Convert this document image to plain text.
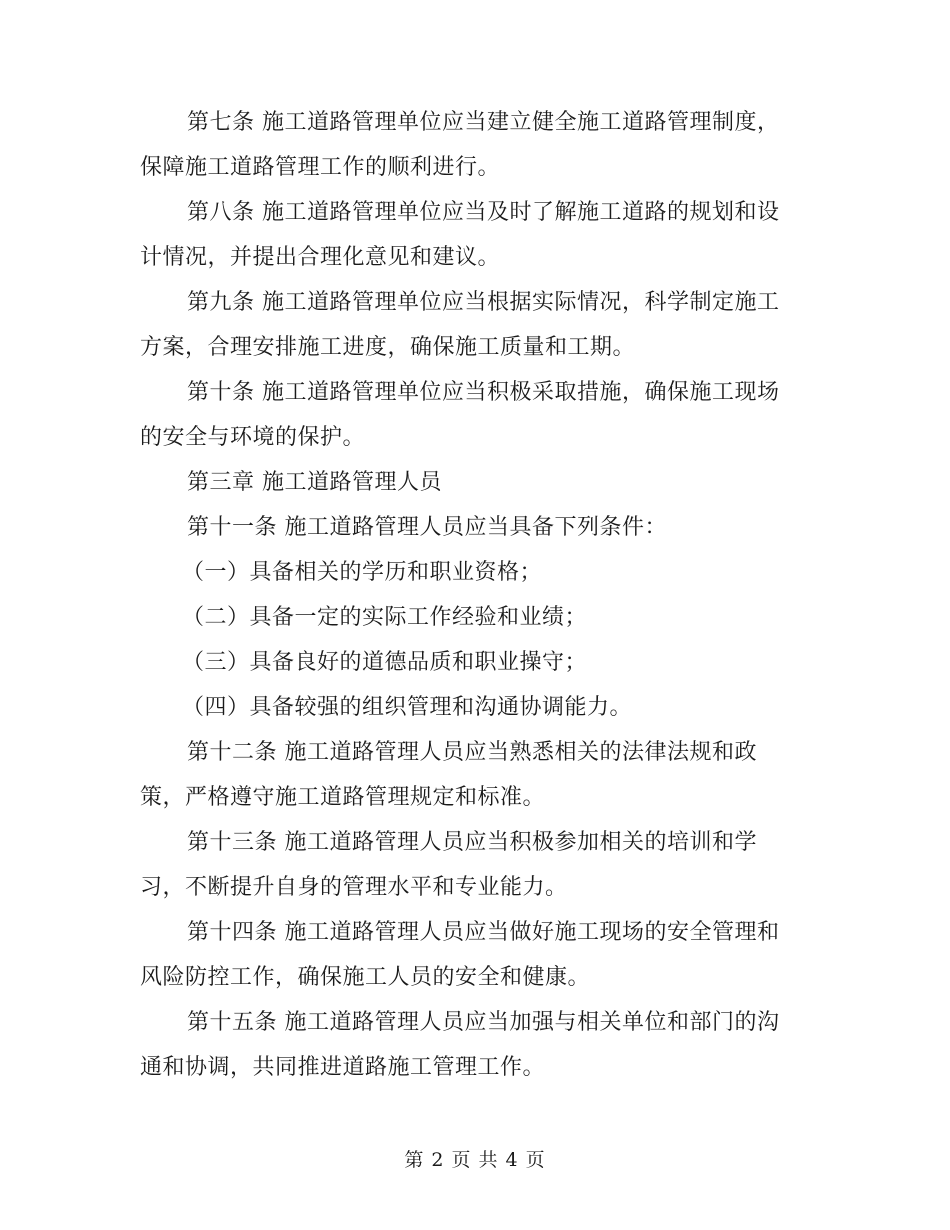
第七条 施工道路管理单位应当建立健全施工道路管理制度，
保障施工道路管理工作的顺利进行。
第八条 施工道路管理单位应当及时了解施工道路的规划和设
计情况，并提出合理化意见和建议。
第九条 施工道路管理单位应当根据实际情况，科学制定施工
方案，合理安排施工进度，确保施工质量和工期。
第十条 施工道路管理单位应当积极采取措施，确保施工现场
的安全与环境的保护。
第三章 施工道路管理人员
第十一条 施工道路管理人员应当具备下列条件：
（一）具备相关的学历和职业资格；
（二）具备一定的实际工作经验和业绩；
（三）具备良好的道德品质和职业操守；
（四）具备较强的组织管理和沟通协调能力。
第十二条 施工道路管理人员应当熟悉相关的法律法规和政
策，严格遵守施工道路管理规定和标准。
第十三条 施工道路管理人员应当积极参加相关的培训和学
习，不断提升自身的管理水平和专业能力。
第十四条 施工道路管理人员应当做好施工现场的安全管理和
风险防控工作，确保施工人员的安全和健康。
第十五条 施工道路管理人员应当加强与相关单位和部门的沟
通和协调，共同推进道路施工管理工作。
第 2 页 共 4 页
